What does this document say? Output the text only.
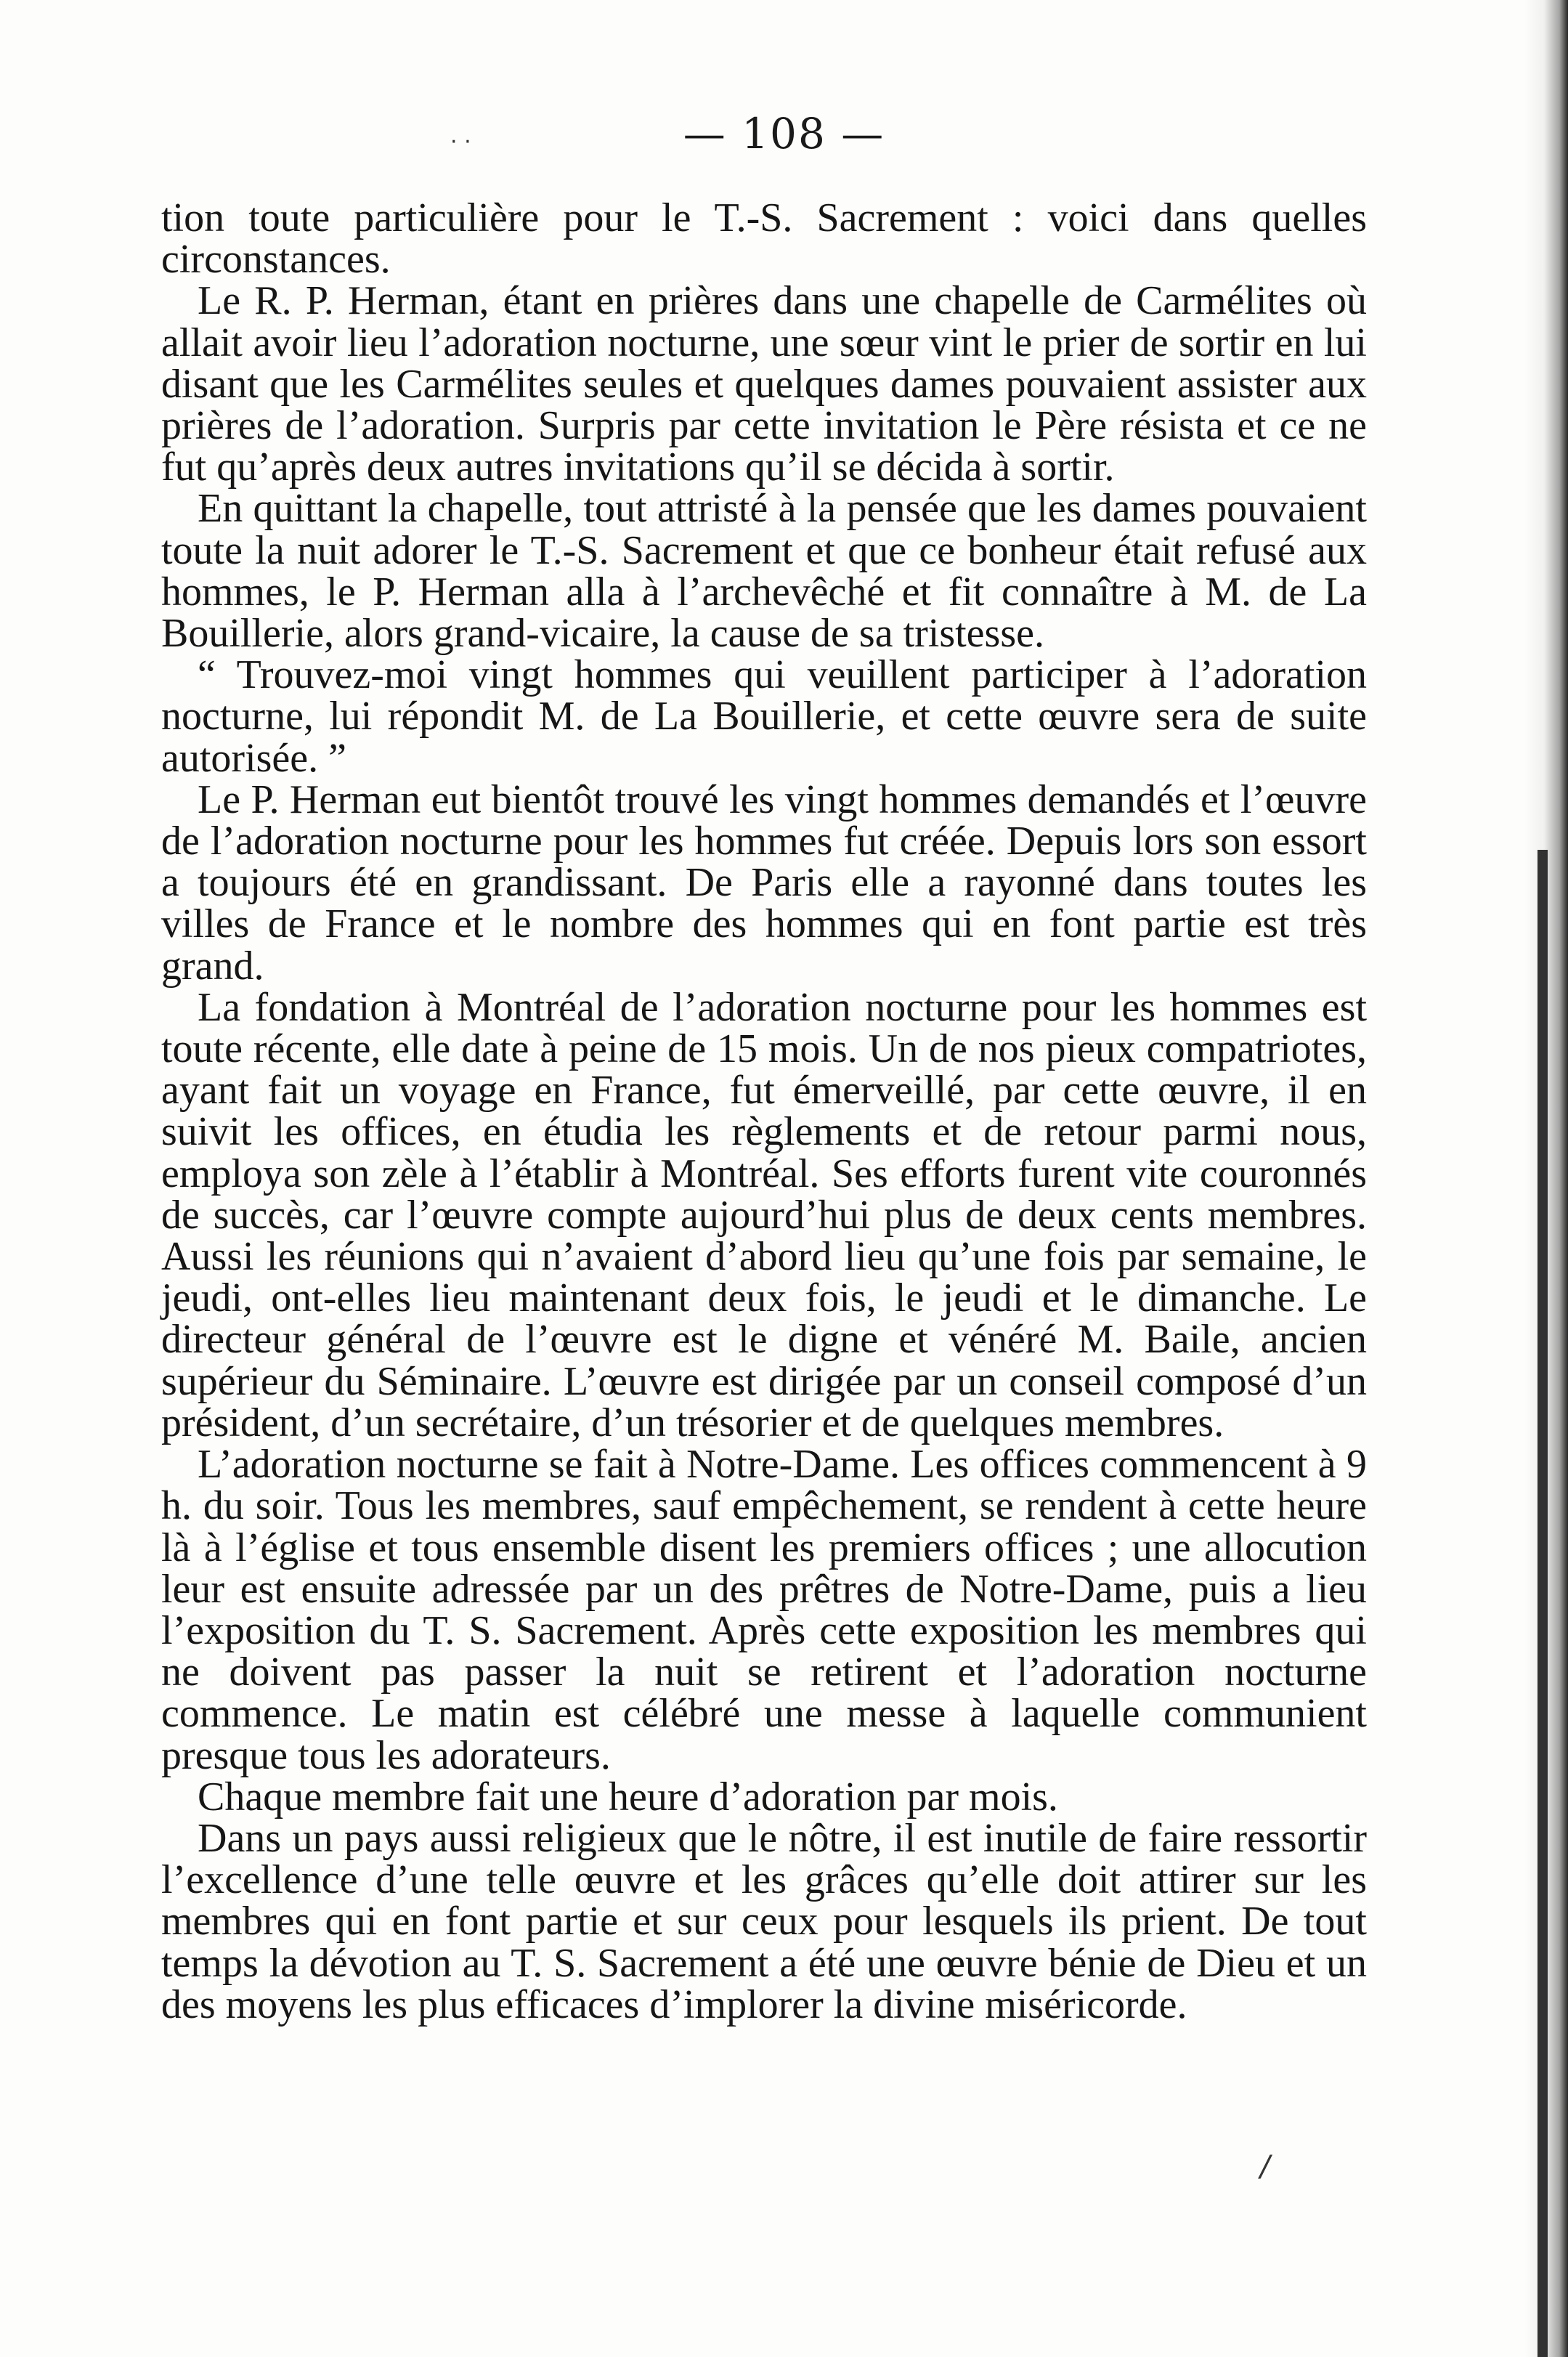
· ·
/
— 108 —

tion toute particulière pour le T.-S. Sacrement : voici dans quelles circonstances.

Le R. P. Herman, étant en prières dans une chapelle de Carmélites où allait avoir lieu l’adoration nocturne, une sœur vint le prier de sortir en lui disant que les Carmélites seules et quelques dames pouvaient assister aux prières de l’adoration. Surpris par cette invitation le Père résista et ce ne fut qu’après deux autres invitations qu’il se décida à sortir.

En quittant la chapelle, tout attristé à la pensée que les dames pouvaient toute la nuit adorer le T.-S. Sacrement et que ce bonheur était refusé aux hommes, le P. Herman alla à l’archevêché et fit connaître à M. de La Bouillerie, alors grand-vicaire, la cause de sa tristesse.

“ Trouvez-moi vingt hommes qui veuillent participer à l’adoration nocturne, lui répondit M. de La Bouillerie, et cette œuvre sera de suite autorisée. ”

Le P. Herman eut bientôt trouvé les vingt hommes demandés et l’œuvre de l’adoration nocturne pour les hommes fut créée. Depuis lors son essort a toujours été en grandissant. De Paris elle a rayonné dans toutes les villes de France et le nombre des hommes qui en font partie est très grand.

La fondation à Montréal de l’adoration nocturne pour les hommes est toute récente, elle date à peine de 15 mois. Un de nos pieux compatriotes, ayant fait un voyage en France, fut émerveillé, par cette œuvre, il en suivit les offices, en étudia les règlements et de retour parmi nous, employa son zèle à l’établir à Montréal. Ses efforts furent vite couronnés de succès, car l’œuvre compte aujourd’hui plus de deux cents membres. Aussi les réunions qui n’avaient d’abord lieu qu’une fois par semaine, le jeudi, ont-elles lieu maintenant deux fois, le jeudi et le dimanche. Le directeur général de l’œuvre est le digne et vénéré M. Baile, ancien supérieur du Séminaire. L’œuvre est dirigée par un conseil composé d’un président, d’un secrétaire, d’un trésorier et de quelques membres.

L’adoration nocturne se fait à Notre-Dame. Les offices commencent à 9 h. du soir. Tous les membres, sauf empêchement, se rendent à cette heure là à l’église et tous ensemble disent les premiers offices ; une allocution leur est ensuite adressée par un des prêtres de Notre-Dame, puis a lieu l’exposition du T. S. Sacrement. Après cette exposition les membres qui ne doivent pas passer la nuit se retirent et l’adoration nocturne commence. Le matin est célébré une messe à laquelle communient presque tous les adorateurs.

Chaque membre fait une heure d’adoration par mois.

Dans un pays aussi religieux que le nôtre, il est inutile de faire ressortir l’excellence d’une telle œuvre et les grâces qu’elle doit attirer sur les membres qui en font partie et sur ceux pour lesquels ils prient. De tout temps la dévotion au T. S. Sacrement a été une œuvre bénie de Dieu et un des moyens les plus efficaces d’implorer la divine miséricorde.
